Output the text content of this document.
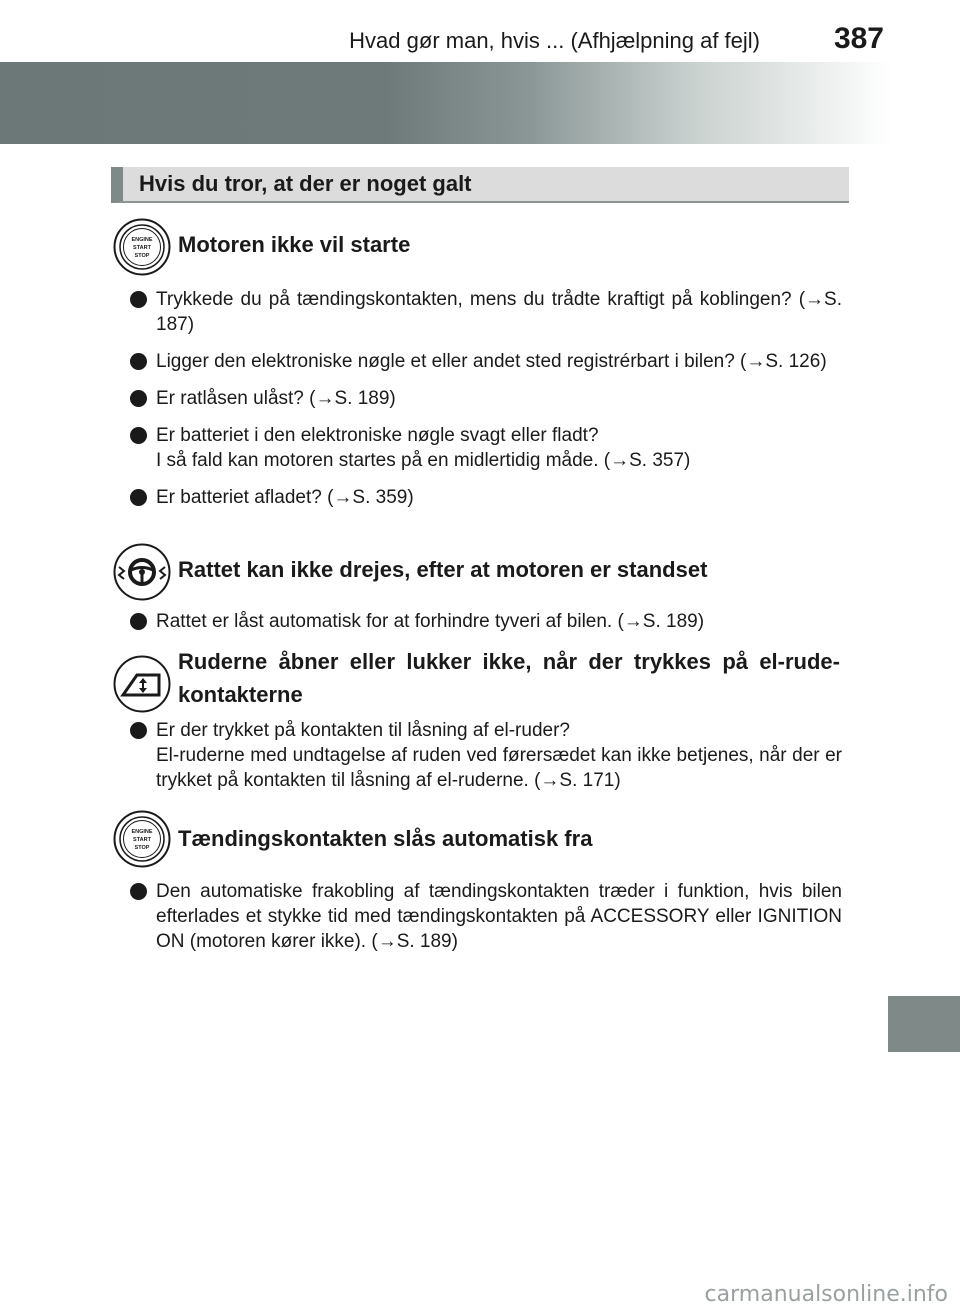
Hvad gør man, hvis ... (Afhjælpning af fejl) 387
Hvis du tror, at der er noget galt
ENGINE
START
STOP Motoren ikke vil starte
Trykkede du på tændingskontakten, mens du trådte kraftigt på koblingen? (→S. 187)
Ligger den elektroniske nøgle et eller andet sted registrérbart i bilen? (→S. 126)
Er ratlåsen ulåst? (→S. 189)
Er batteriet i den elektroniske nøgle svagt eller fladt?
I så fald kan motoren startes på en midlertidig måde. (→S. 357)
Er batteriet afladet? (→S. 359)
Rattet kan ikke drejes, efter at motoren er standset
Rattet er låst automatisk for at forhindre tyveri af bilen. (→S. 189)
Ruderne åbner eller lukker ikke, når der trykkes på el-rude-kontakterne
Er der trykket på kontakten til låsning af el-ruder?
El-ruderne med undtagelse af ruden ved førersædet kan ikke betjenes, når der er trykket på kontakten til låsning af el-ruderne. (→S. 171)
ENGINE
START
STOP Tændingskontakten slås automatisk fra
Den automatiske frakobling af tændingskontakten træder i funktion, hvis bilen efterlades et stykke tid med tændingskontakten på ACCESSORY eller IGNITION ON (motoren kører ikke). (→S. 189)
carmanualsonline.info
